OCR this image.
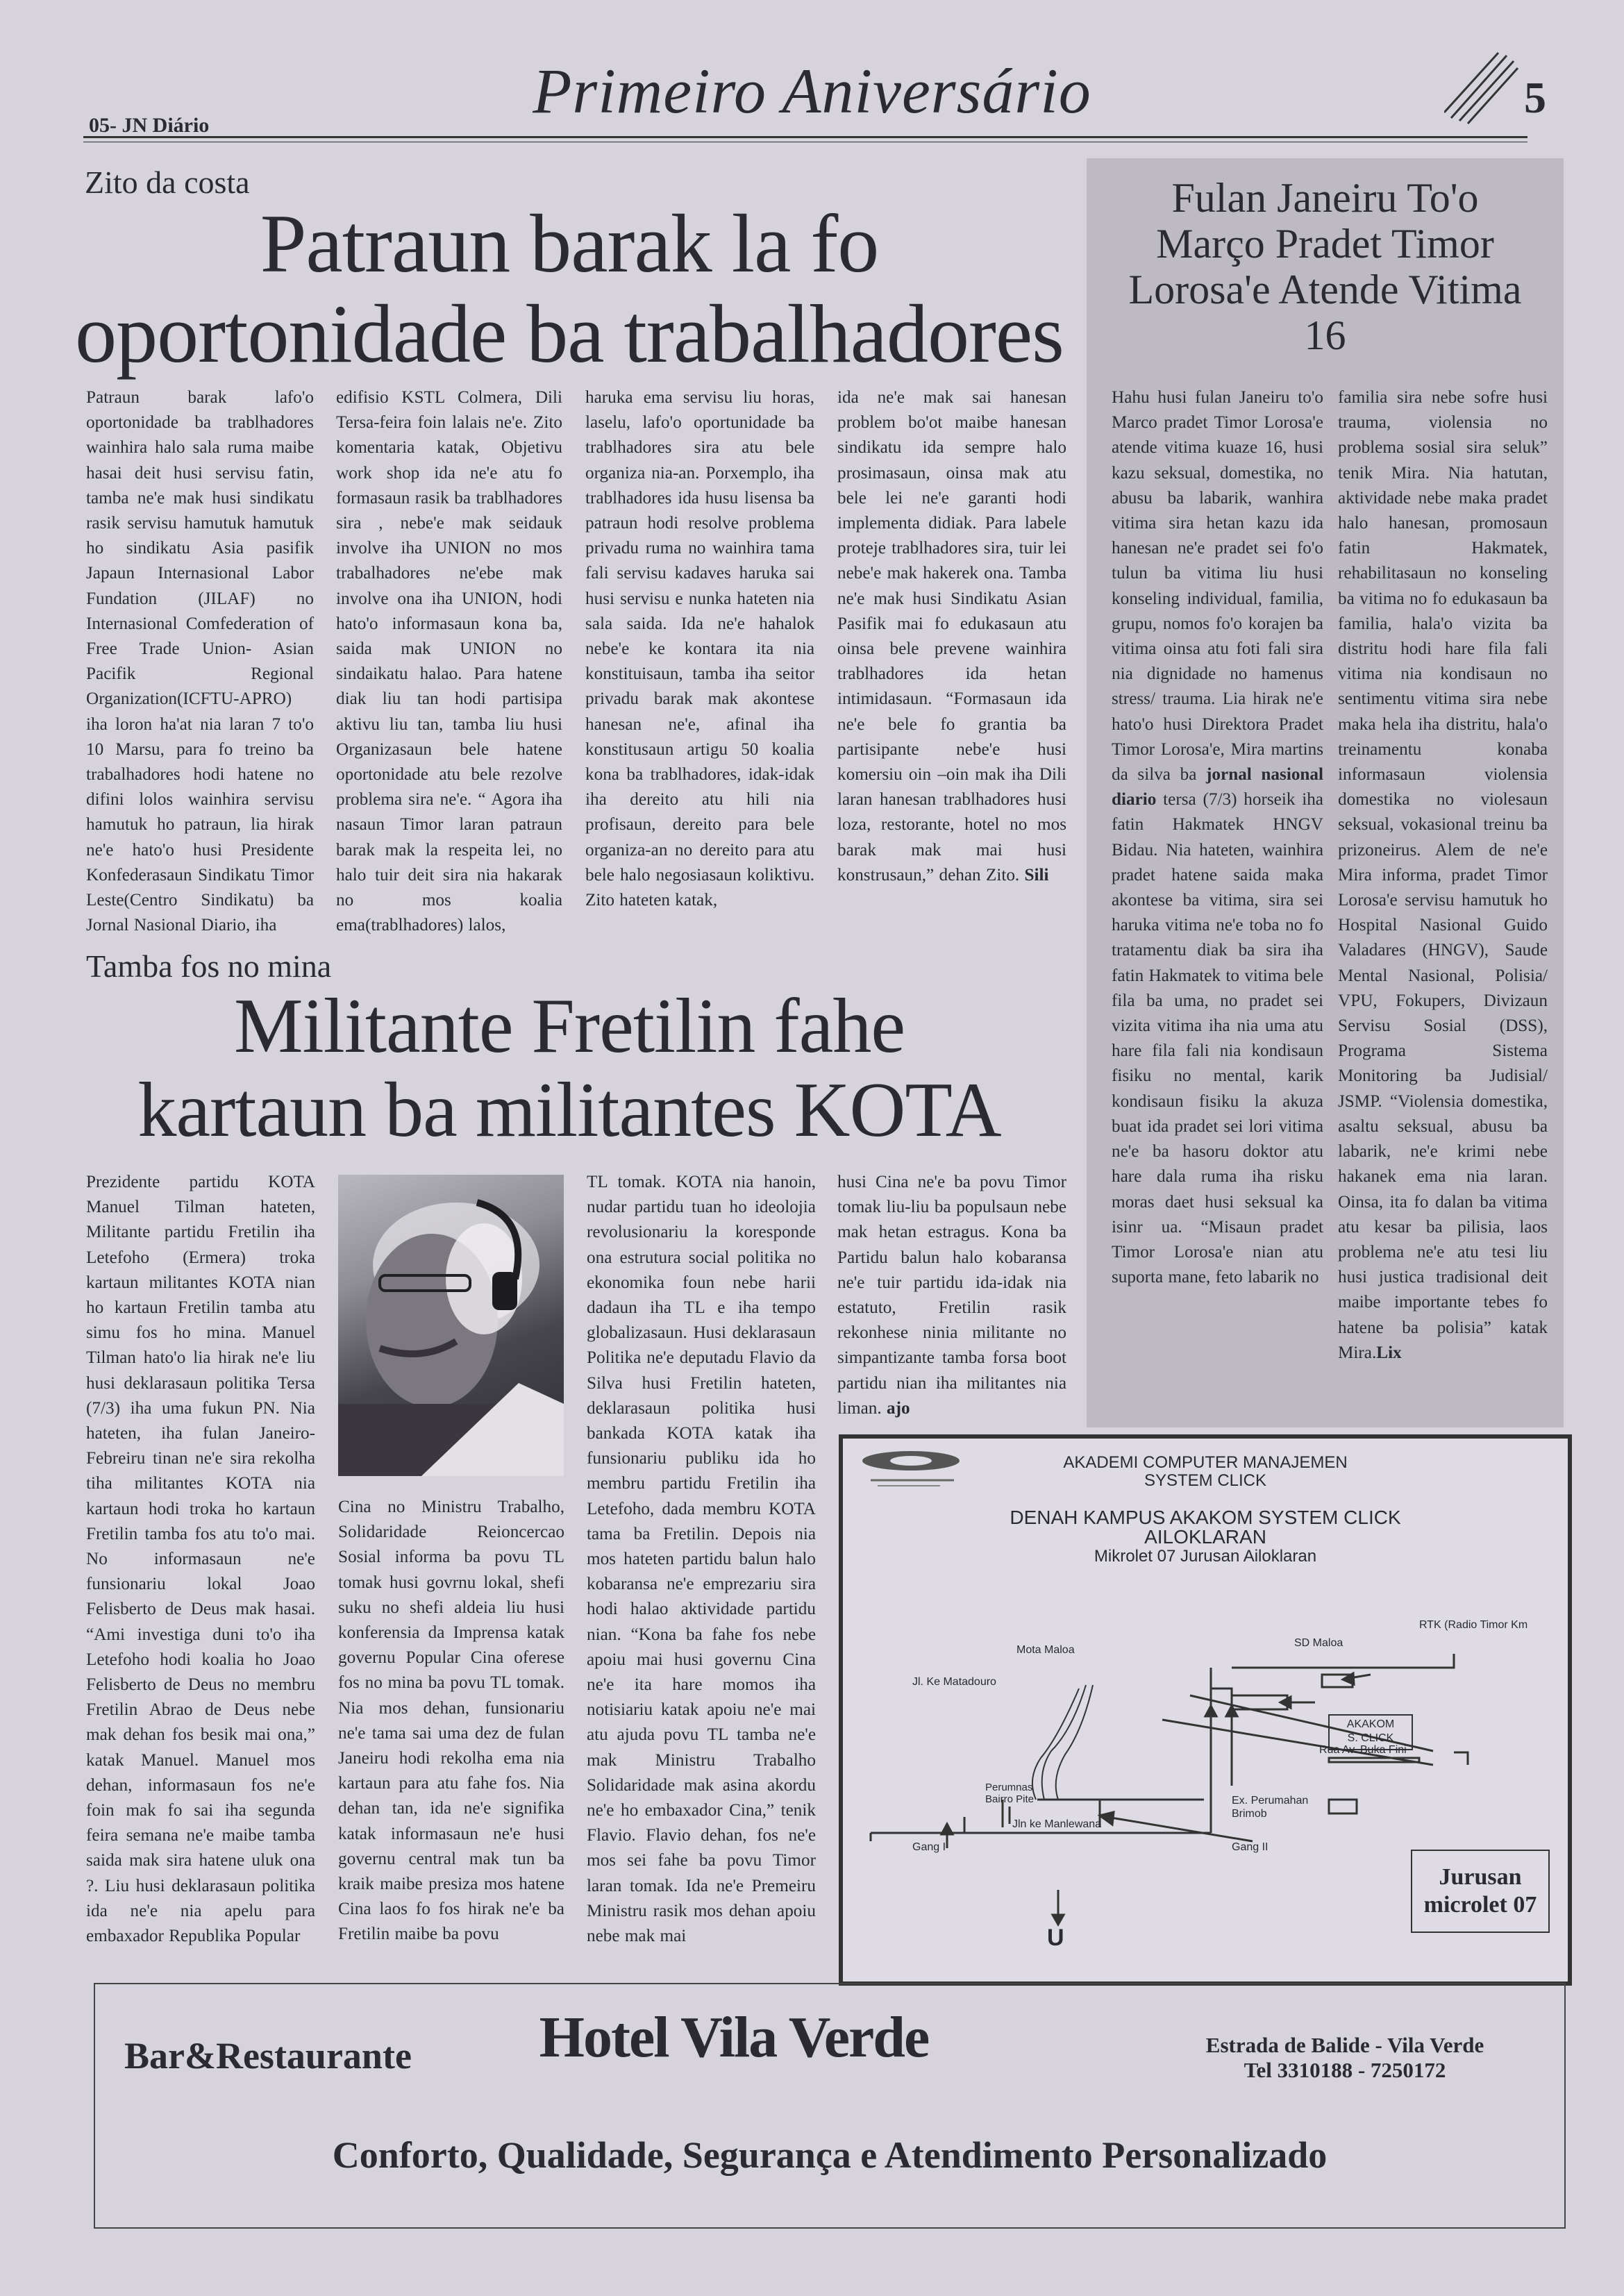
Primeiro Aniversário
05- JN Diário
5
Zito da costa
Patraun barak la fo
oportonidade ba trabalhadores

Patraun barak lafo'o oportonidade ba trablhadores wainhira halo sala ruma maibe hasai deit husi servisu fatin, tamba ne'e mak husi sindikatu rasik servisu hamutuk hamutuk ho sindikatu Asia pasifik Japaun Internasional Labor Fundation (JILAF) no Internasional Comfederation of Free Trade Union- Asian Pacifik Regional Organization(ICFTU-APRO) iha loron ha'at nia laran 7 to'o 10 Marsu, para fo treino ba trabalhadores hodi hatene no difini lolos wainhira servisu hamutuk ho patraun, lia hirak ne'e hato'o husi Presidente Konfederasaun Sindikatu Timor Leste(Centro Sindikatu) ba Jornal Nasional Diario, iha

edifisio KSTL Colmera, Dili Tersa-feira foin lalais ne'e. Zito komentaria katak, Objetivu work shop ida ne'e atu fo formasaun rasik ba trablhadores sira , nebe'e mak seidauk involve iha UNION no mos trabalhadores ne'ebe mak involve ona iha UNION, hodi hato'o informasaun kona ba, saida mak UNION no sindaikatu halao. Para hatene diak liu tan hodi partisipa aktivu liu tan, tamba liu husi Organizasaun bele hatene oportonidade atu bele rezolve problema sira ne'e. “ Agora iha nasaun Timor laran patraun barak mak la respeita lei, no halo tuir deit sira nia hakarak no mos koalia ema(trablhadores) lalos,

haruka ema servisu liu horas, laselu, lafo'o oportunidade ba trablhadores sira atu bele organiza nia-an. Porxemplo, iha trablhadores ida husu lisensa ba patraun hodi resolve problema privadu ruma no wainhira tama fali servisu kadaves haruka sai husi servisu e nunka hateten nia sala saida. Ida ne'e hahalok nebe'e ke kontara ita nia konstituisaun, tamba iha seitor privadu barak mak akontese hanesan ne'e, afinal iha konstitusaun artigu 50 koalia kona ba trablhadores, idak-idak iha dereito atu hili nia profisaun, dereito para bele organiza-an no dereito para atu bele halo negosiasaun koliktivu. Zito hateten katak,

ida ne'e mak sai hanesan problem bo'ot maibe hanesan sindikatu ida sempre halo prosimasaun, oinsa mak atu bele lei ne'e garanti hodi implementa didiak. Para labele proteje trablhadores sira, tuir lei nebe'e mak hakerek ona. Tamba ne'e mak husi Sindikatu Asian Pasifik mai fo edukasaun atu oinsa bele prevene wainhira trablhadores ida hetan intimidasaun. “Formasaun ida ne'e bele fo grantia ba partisipante nebe'e husi komersiu oin –oin mak iha Dili laran hanesan trablhadores husi loza, restorante, hotel no mos barak mak mai husi konstrusaun,” dehan Zito. Sili

Tamba fos no mina
Militante Fretilin fahe
kartaun ba militantes KOTA

Prezidente partidu KOTA Manuel Tilman hateten, Militante partidu Fretilin iha Letefoho (Ermera) troka kartaun militantes KOTA nian ho kartaun Fretilin tamba atu simu fos ho mina. Manuel Tilman hato'o lia hirak ne'e liu husi deklarasaun politika Tersa (7/3) iha uma fukun PN. Nia hateten, iha fulan Janeiro-Febreiru tinan ne'e sira rekolha tiha militantes KOTA nia kartaun hodi troka ho kartaun Fretilin tamba fos atu to'o mai. No informasaun ne'e funsionariu lokal Joao Felisberto de Deus mak hasai. “Ami investiga duni to'o iha Letefoho hodi koalia ho Joao Felisberto de Deus no membru Fretilin Abrao de Deus nebe mak dehan fos besik mai ona,” katak Manuel. Manuel mos dehan, informasaun fos ne'e foin mak fo sai iha segunda feira semana ne'e maibe tamba saida mak sira hatene uluk ona ?. Liu husi deklarasaun politika ida ne'e nia apelu para embaxador Republika Popular

Cina no Ministru Trabalho, Solidaridade Reioncercao Sosial informa ba povu TL tomak husi govrnu lokal, shefi suku no shefi aldeia liu husi konferensia da Imprensa katak governu Popular Cina oferese fos no mina ba povu TL tomak. Nia mos dehan, funsionariu ne'e tama sai uma dez de fulan Janeiru hodi rekolha ema nia kartaun para atu fahe fos. Nia dehan tan, ida ne'e signifika katak informasaun ne'e husi governu central mak tun ba kraik maibe presiza mos hatene Cina laos fo fos hirak ne'e ba Fretilin maibe ba povu

TL tomak. KOTA nia hanoin, nudar partidu tuan ho ideolojia revolusionariu la koresponde ona estrutura social politika no ekonomika foun nebe harii dadaun iha TL e iha tempo globalizasaun. Husi deklarasaun Politika ne'e deputadu Flavio da Silva husi Fretilin hateten, deklarasaun politika husi bankada KOTA katak iha funsionariu publiku ida ho membru partidu Fretilin iha Letefoho, dada membru KOTA tama ba Fretilin. Depois nia mos hateten partidu balun halo kobaransa ne'e emprezariu sira hodi halao aktividade partidu nian. “Kona ba fahe fos nebe apoiu mai husi governu Cina ne'e ita hare momos iha notisiariu katak apoiu ne'e mai atu ajuda povu TL tamba ne'e mak Ministru Trabalho Solidaridade mak asina akordu ne'e ho embaxador Cina,” tenik Flavio. Flavio dehan, fos ne'e mos sei fahe ba povu Timor laran tomak. Ida ne'e Premeiru Ministru rasik mos dehan apoiu nebe mak mai

husi Cina ne'e ba povu Timor tomak liu-liu ba populsaun nebe mak hetan estragus. Kona ba Partidu balun halo kobaransa ne'e tuir partidu ida-idak nia estatuto, Fretilin rasik rekonhese ninia militante no simpantizante tamba forsa boot partidu nian iha militantes nia liman. ajo

Fulan Janeiru To'o
Março Pradet Timor
Lorosa'e Atende Vitima
16

Hahu husi fulan Janeiru to'o Marco pradet Timor Lorosa'e atende vitima kuaze 16, husi kazu seksual, domestika, no abusu ba labarik, wanhira vitima sira hetan kazu ida hanesan ne'e pradet sei fo'o tulun ba vitima liu husi konseling individual, familia, grupu, nomos fo'o korajen ba vitima oinsa atu foti fali sira nia dignidade no hamenus stress/ trauma. Lia hirak ne'e hato'o husi Direktora Pradet Timor Lorosa'e, Mira martins da silva ba jornal nasional diario tersa (7/3) horseik iha fatin Hakmatek HNGV Bidau. Nia hateten, wainhira pradet hatene saida maka akontese ba vitima, sira sei haruka vitima ne'e toba no fo tratamentu diak ba sira iha fatin Hakmatek to vitima bele fila ba uma, no pradet sei vizita vitima iha nia uma atu hare fila fali nia kondisaun fisiku no mental, karik kondisaun fisiku la akuza buat ida pradet sei lori vitima ne'e ba hasoru doktor atu hare dala ruma iha risku moras daet husi seksual ka isinr ua. “Misaun pradet Timor Lorosa'e nian atu suporta mane, feto labarik no

familia sira nebe sofre husi trauma, violensia no problema sosial sira seluk” tenik Mira. Nia hatutan, aktividade nebe maka pradet halo hanesan, promosaun fatin Hakmatek, rehabilitasaun no konseling ba vitima no fo edukasaun ba familia, hala'o vizita ba distritu hodi hare fila fali vitima nia kondisaun no sentimentu vitima sira nebe maka hela iha distritu, hala'o treinamentu konaba informasaun violensia domestika no violesaun seksual, vokasional treinu ba prizoneirus. Alem de ne'e Mira informa, pradet Timor Lorosa'e servisu hamutuk ho Hospital Nasional Guido Valadares (HNGV), Saude Mental Nasional, Polisia/ VPU, Fokupers, Divizaun Servisu Sosial (DSS), Programa Sistema Monitoring ba Judisial/ JSMP. “Violensia domestika, asaltu seksual, abusu ba labarik, ne'e krimi nebe hakanek ema nia laran. Oinsa, ita fo dalan ba vitima atu kesar ba pilisia, laos problema ne'e atu tesi liu husi justica tradisional deit maibe importante tebes fo hatene ba polisia” katak Mira.Lix

AKADEMI COMPUTER MANAJEMEN
SYSTEM CLICK
DENAH KAMPUS AKAKOM SYSTEM CLICK
AILOKLARAN
Mikrolet 07 Jurusan Ailoklaran
RTK (Radio Timor Km
SD Maloa
Mota Maloa
Jl. Ke Matadouro
AKAKOM
S. CLICK
Rua Av. Buka Fini
Perumnas
Bairro Pite	Ex. Perumahan
Brimob
Jln ke Manlewana
Gang I	Gang II
U
Jurusan
microlet 07
Bar&Restaurante	Hotel Vila Verde	Estrada de Balide - Vila Verde
Tel 3310188 - 7250172
Conforto, Qualidade, Segurança e Atendimento Personalizado
